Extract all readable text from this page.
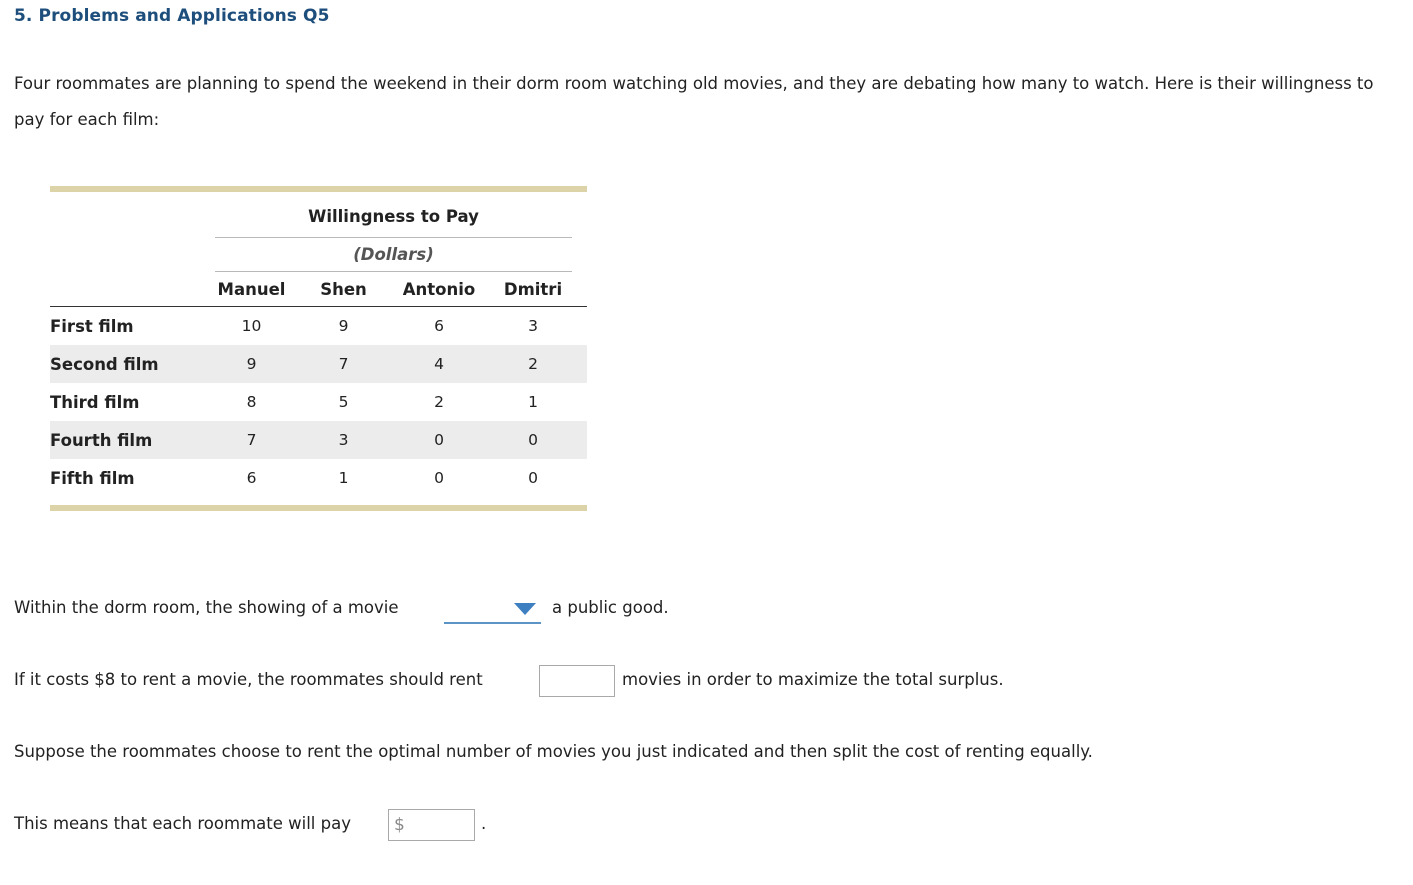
5. Problems and Applications Q5
Four roommates are planning to spend the weekend in their dorm room watching old movies, and they are debating how many to watch. Here is their willingness to pay for each film:

	Willingness to Pay			

	(Dollars)			

	Manuel	Shen	Antonio	Dmitri
First film	10	9	6	3
Second film	9	7	4	2
Third film	8	5	2	1
Fourth film	7	3	0	0
Fifth film	6	1	0	0

Within the dorm room, the showing of a movie	a public good.
If it costs $8 to rent a movie, the roommates should rent	movies in order to maximize the total surplus.
Suppose the roommates choose to rent the optimal number of movies you just indicated and then split the cost of renting equally.
This means that each roommate will pay	$	.
